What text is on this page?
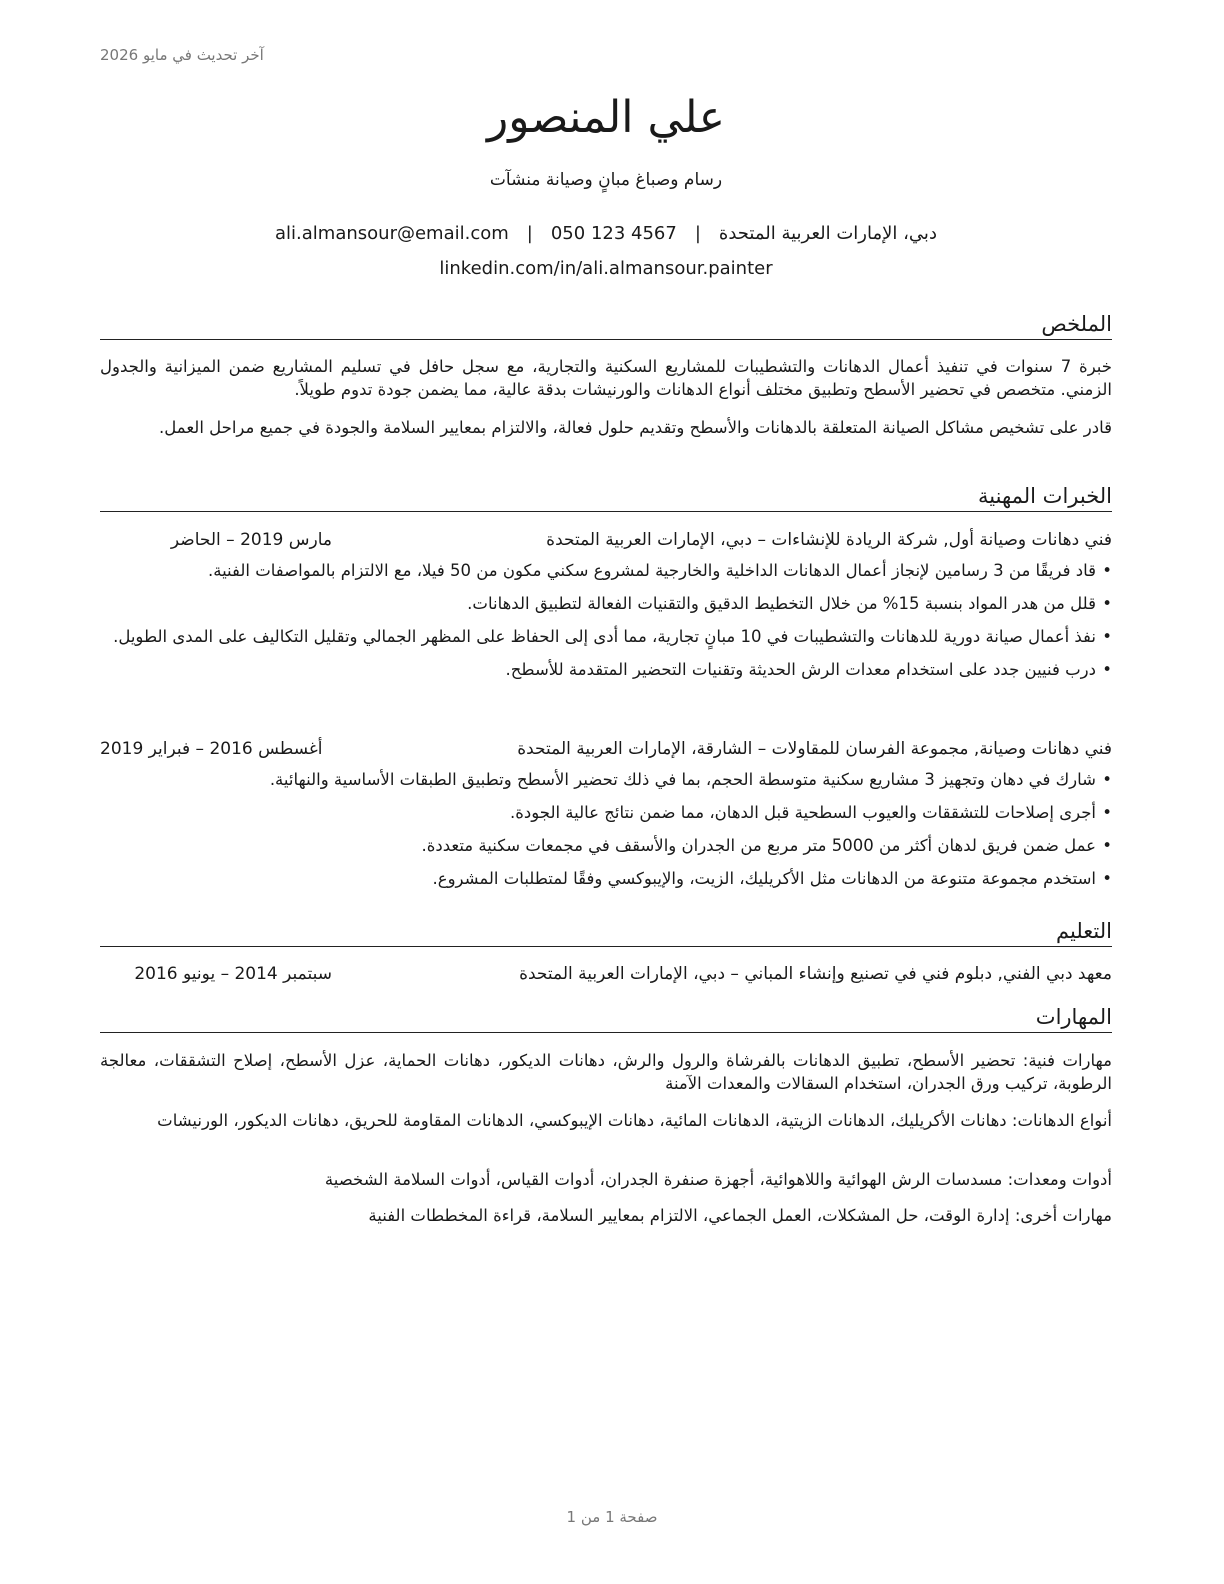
آخر تحديث في مايو 2026
علي المنصور
رسام وصباغ مبانٍ وصيانة منشآت
دبي، الإمارات العربية المتحدة|ali.almansour@email.com | 050 123 4567
linkedin.com/in/ali.almansour.painter
الملخص

خبرة 7 سنوات في تنفيذ أعمال الدهانات والتشطيبات للمشاريع السكنية والتجارية، مع سجل حافل في تسليم المشاريع ضمن الميزانية والجدول الزمني. متخصص في تحضير الأسطح وتطبيق مختلف أنواع الدهانات والورنيشات بدقة عالية، مما يضمن جودة تدوم طويلاً.

قادر على تشخيص مشاكل الصيانة المتعلقة بالدهانات والأسطح وتقديم حلول فعالة، والالتزام بمعايير السلامة والجودة في جميع مراحل العمل.

الخبرات المهنية
فني دهانات وصيانة أول, شركة الريادة للإنشاءات – دبي، الإمارات العربية المتحدة
مارس 2019 – الحاضر
• قاد فريقًا من 3 رسامين لإنجاز أعمال الدهانات الداخلية والخارجية لمشروع سكني مكون من 50 فيلا، مع الالتزام بالمواصفات الفنية.
• قلل من هدر المواد بنسبة 15% من خلال التخطيط الدقيق والتقنيات الفعالة لتطبيق الدهانات.
• نفذ أعمال صيانة دورية للدهانات والتشطيبات في 10 مبانٍ تجارية، مما أدى إلى الحفاظ على المظهر الجمالي وتقليل التكاليف على المدى الطويل.
• درب فنيين جدد على استخدام معدات الرش الحديثة وتقنيات التحضير المتقدمة للأسطح.
فني دهانات وصيانة, مجموعة الفرسان للمقاولات – الشارقة، الإمارات العربية المتحدة
أغسطس 2016 – فبراير 2019
• شارك في دهان وتجهيز 3 مشاريع سكنية متوسطة الحجم، بما في ذلك تحضير الأسطح وتطبيق الطبقات الأساسية والنهائية.
• أجرى إصلاحات للتشققات والعيوب السطحية قبل الدهان، مما ضمن نتائج عالية الجودة.
• عمل ضمن فريق لدهان أكثر من 5000 متر مربع من الجدران والأسقف في مجمعات سكنية متعددة.
• استخدم مجموعة متنوعة من الدهانات مثل الأكريليك، الزيت، والإيبوكسي وفقًا لمتطلبات المشروع.
التعليم
معهد دبي الفني, دبلوم فني في تصنيع وإنشاء المباني – دبي، الإمارات العربية المتحدة
سبتمبر 2014 – يونيو 2016
المهارات

مهارات فنية: تحضير الأسطح، تطبيق الدهانات بالفرشاة والرول والرش، دهانات الديكور، دهانات الحماية، عزل الأسطح، إصلاح التشققات، معالجة الرطوبة، تركيب ورق الجدران، استخدام السقالات والمعدات الآمنة

أنواع الدهانات: دهانات الأكريليك، الدهانات الزيتية، الدهانات المائية، دهانات الإيبوكسي، الدهانات المقاومة للحريق، دهانات الديكور، الورنيشات

أدوات ومعدات: مسدسات الرش الهوائية واللاهوائية، أجهزة صنفرة الجدران، أدوات القياس، أدوات السلامة الشخصية

مهارات أخرى: إدارة الوقت، حل المشكلات، العمل الجماعي، الالتزام بمعايير السلامة، قراءة المخططات الفنية

صفحة 1 من 1
